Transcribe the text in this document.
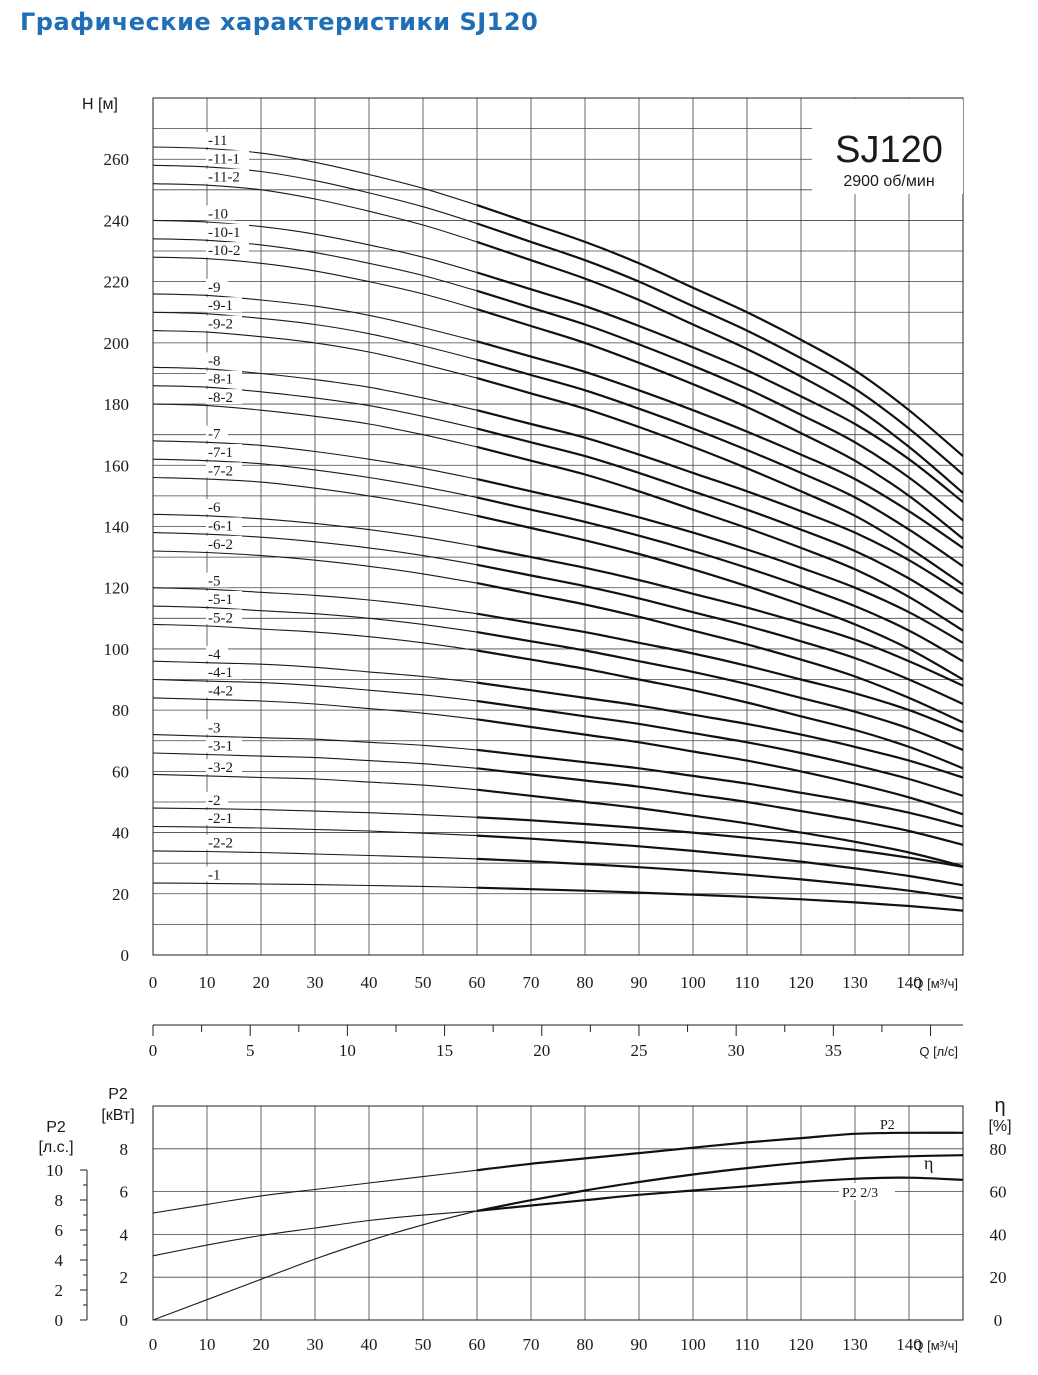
Графические характеристики SJ120
-11
-11-1
-11-2
-10
-10-1
-10-2
-9
-9-1
-9-2
-8
-8-1
-8-2
-7
-7-1
-7-2
-6
-6-1
-6-2
-5
-5-1
-5-2
-4
-4-1
-4-2
-3
-3-1
-3-2
-2
-2-1
-2-2
-1
0 10 20 30 40 50 60 70 80 90 100 110 120 130 140
0
20
40
60
80
100
120
140
160
180
200
220
240
260	SJ120
2900 об/мин
H [м]
Q [м³/ч]
0	5	10	15	20	25	30	35	Q [л/с]
P2
P2 2/3
η
0 10 20 30 40 50 60 70 80 90 100 110 120 130 140
0
2
4
6
8
0
2
4
6
8
10
0
20
40
60
80
P2
[кВт]
P2
[л.с.]
η
[%]
Q [м³/ч]
